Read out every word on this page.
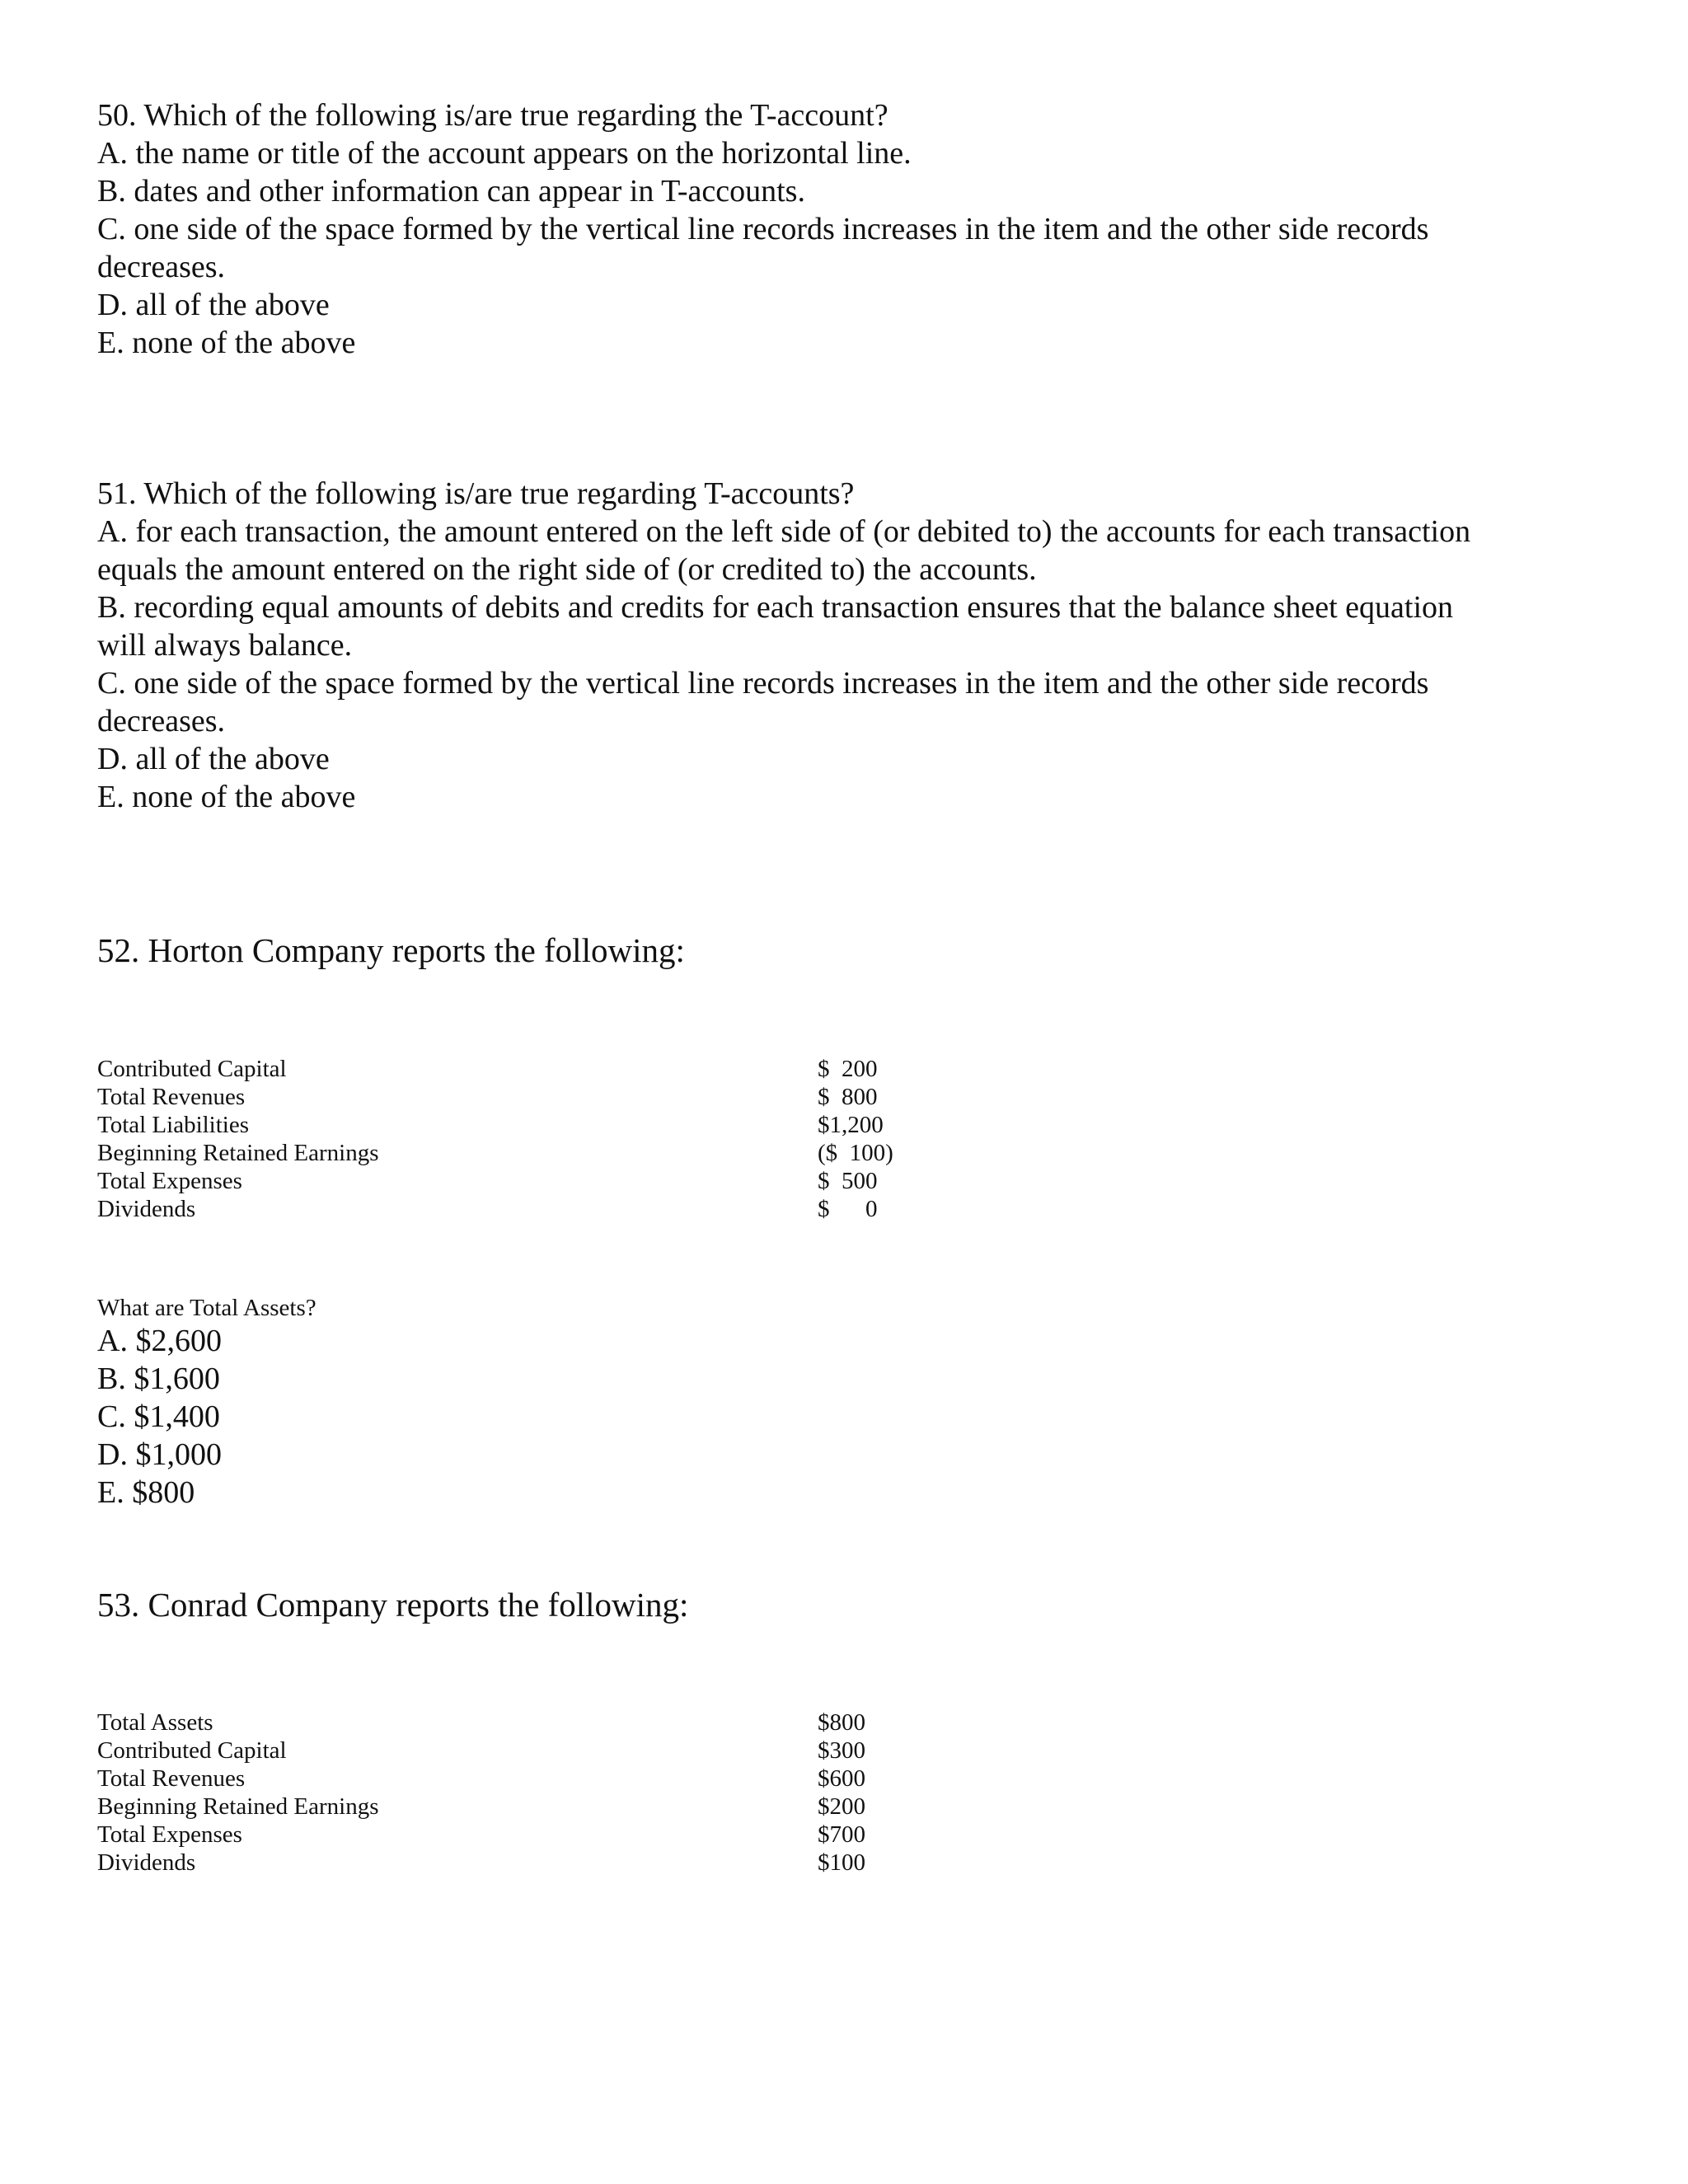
50. Which of the following is/are true regarding the T-account?

A. the name or title of the account appears on the horizontal line.

B. dates and other information can appear in T-accounts.

C. one side of the space formed by the vertical line records increases in the item and the other side records

decreases.

D. all of the above

E. none of the above

51. Which of the following is/are true regarding T-accounts?

A. for each transaction, the amount entered on the left side of (or debited to) the accounts for each transaction

equals the amount entered on the right side of (or credited to) the accounts.

B. recording equal amounts of debits and credits for each transaction ensures that the balance sheet equation

will always balance.

C. one side of the space formed by the vertical line records increases in the item and the other side records

decreases.

D. all of the above

E. none of the above

52. Horton Company reports the following:

Contributed Capital	$  200
Total Revenues	$  800
Total Liabilities	$1,200
Beginning Retained Earnings	($  100)
Total Expenses	$  500
Dividends	$      0

What are Total Assets?

A. $2,600

B. $1,600

C. $1,400

D. $1,000

E. $800

53. Conrad Company reports the following:

Total Assets	$800
Contributed Capital	$300
Total Revenues	$600
Beginning Retained Earnings	$200
Total Expenses	$700
Dividends	$100
